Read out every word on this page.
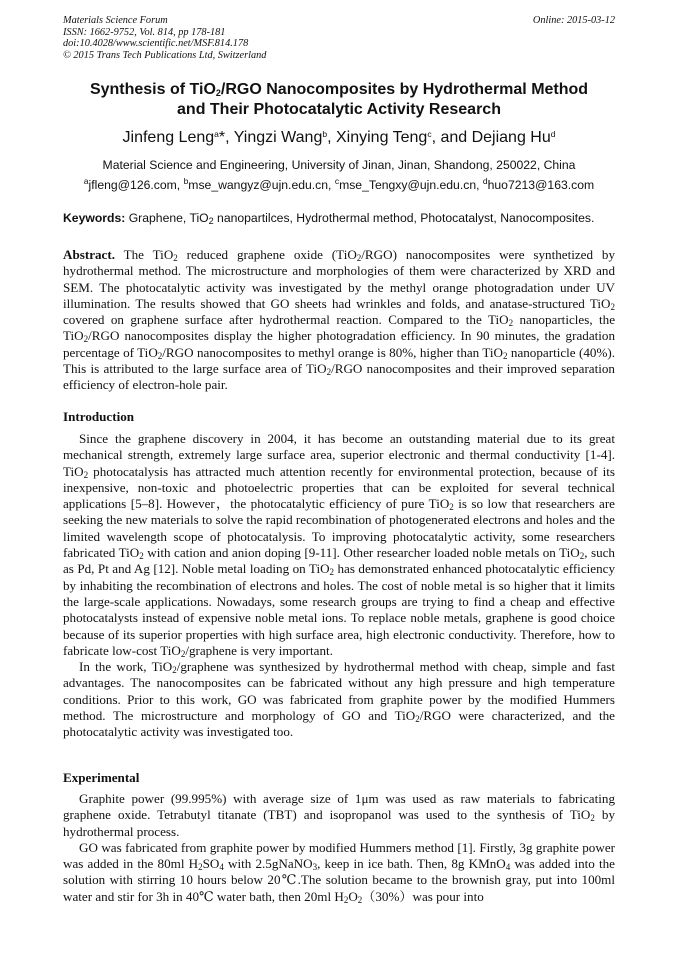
Materials Science Forum
ISSN: 1662-9752, Vol. 814, pp 178-181
doi:10.4028/www.scientific.net/MSF.814.178
© 2015 Trans Tech Publications Ltd, Switzerland
Online: 2015-03-12
Synthesis of TiO$_2$/RGO Nanocomposites by Hydrothermal Method
and Their Photocatalytic Activity Research
Jinfeng Leng$^a$*, Yingzi Wang$^b$, Xinying Teng$^c$, and Dejiang Hu$^d$
Material Science and Engineering, University of Jinan, Jinan, Shandong, 250022, China
$^a$jfleng@126.com, $^b$mse_wangyz@ujn.edu.cn, $^c$mse_Tengxy@ujn.edu.cn, $^d$huo7213@163.com
Keywords: Graphene, TiO$_2$ nanopartilces, Hydrothermal method, Photocatalyst, Nanocomposites.

Abstract. The TiO$_2$ reduced graphene oxide (TiO$_2$/RGO) nanocomposites were synthetized by hydrothermal method. The microstructure and morphologies of them were characterized by XRD and SEM. The photocatalytic activity was investigated by the methyl orange photogradation under UV illumination. The results showed that GO sheets had wrinkles and folds, and anatase-structured TiO$_2$ covered on graphene surface after hydrothermal reaction. Compared to the TiO$_2$ nanoparticles, the TiO$_2$/RGO nanocomposites display the higher photogradation efficiency. In 90 minutes, the gradation percentage of TiO$_2$/RGO nanocomposites to methyl orange is 80%, higher than TiO$_2$ nanoparticle (40%). This is attributed to the large surface area of TiO$_2$/RGO nanocomposites and their improved separation efficiency of electron-hole pair.

Introduction

Since the graphene discovery in 2004, it has become an outstanding material due to its great mechanical strength, extremely large surface area, superior electronic and thermal conductivity [1-4]. TiO$_2$ photocatalysis has attracted much attention recently for environmental protection, because of its inexpensive, non-toxic and photoelectric properties that can be exploited for several technical applications [5–8]. However，the photocatalytic efficiency of pure TiO$_2$ is so low that researchers are seeking the new materials to solve the rapid recombination of photogenerated electrons and holes and the limited wavelength scope of photocatalysis. To improving photocatalytic activity, some researchers fabricated TiO$_2$ with cation and anion doping [9-11]. Other researcher loaded noble metals on TiO$_2$, such as Pd, Pt and Ag [12]. Noble metal loading on TiO$_2$ has demonstrated enhanced photocatalytic efficiency by inhabiting the recombination of electrons and holes. The cost of noble metal is so higher that it limits the large-scale applications. Nowadays, some research groups are trying to find a cheap and effective photocatalysts instead of expensive noble metal ions. To replace noble metals, graphene is good choice because of its superior properties with high surface area, high electronic conductivity. Therefore, how to fabricate low-cost TiO$_2$/graphene is very important.

In the work, TiO$_2$/graphene was synthesized by hydrothermal method with cheap, simple and fast advantages. The nanocomposites can be fabricated without any high pressure and high temperature conditions. Prior to this work, GO was fabricated from graphite power by the modified Hummers method. The microstructure and morphology of GO and TiO$_2$/RGO were characterized, and the photocatalytic activity was investigated too.

Experimental

Graphite power (99.995%) with average size of 1μm was used as raw materials to fabricating graphene oxide. Tetrabutyl titanate (TBT) and isopropanol was used to the synthesis of TiO$_2$ by hydrothermal process.

GO was fabricated from graphite power by modified Hummers method [1]. Firstly, 3g graphite power was added in the 80ml $H_2SO_4$ with 2.5gNaNO$_3$, keep in ice bath. Then, 8g KMnO$_4$ was added into the solution with stirring 10 hours below 20℃.The solution became to the brownish gray, put into 100ml water and stir for 3h in 40℃ water bath, then 20ml $H_2O_2(30\%)was$ pour into
